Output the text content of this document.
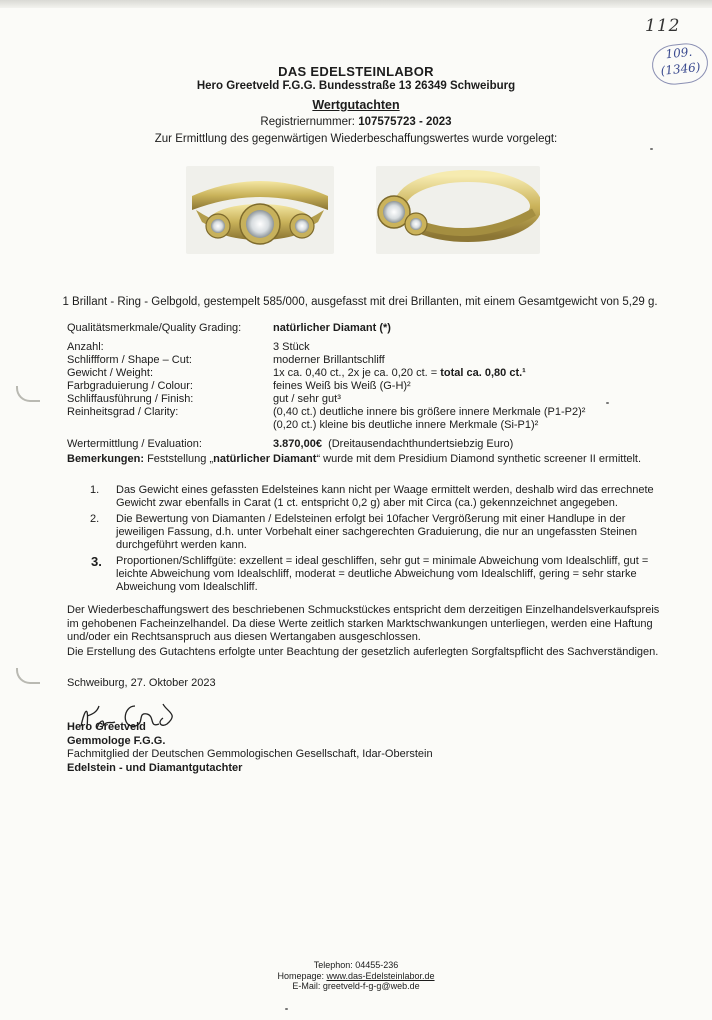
112
109.
(1346)
DAS EDELSTEINLABOR
Hero Greetveld F.G.G. Bundesstraße 13 26349 Schweiburg
Wertgutachten
Registriernummer: 107575723 - 2023
Zur Ermittlung des gegenwärtigen Wiederbeschaffungswertes wurde vorgelegt:
1 Brillant - Ring - Gelbgold, gestempelt 585/000, ausgefasst mit drei Brillanten, mit einem Gesamtgewicht von 5,29 g.
Qualitätsmerkmale/Quality Grading:	natürlicher Diamant (*)
Anzahl:	3 Stück
Schliffform / Shape – Cut:	moderner Brillantschliff
Gewicht / Weight:	1x ca. 0,40 ct., 2x je ca. 0,20 ct. = total ca. 0,80 ct.¹
Farbgraduierung / Colour:	feines Weiß bis Weiß (G-H)²
Schliffausführung / Finish:	gut / sehr gut³
Reinheitsgrad / Clarity:	(0,40 ct.) deutliche innere bis größere innere Merkmale (P1-P2)²
(0,20 ct.) kleine bis deutliche innere Merkmale (Si-P1)²
Wertermittlung / Evaluation:	3.870,00€ (Dreitausendachthundertsiebzig Euro)
Bemerkungen: Feststellung „natürlicher Diamant“ wurde mit dem Presidium Diamond synthetic screener II ermittelt.
1. Das Gewicht eines gefassten Edelsteines kann nicht per Waage ermittelt werden, deshalb wird das errechnete Gewicht zwar ebenfalls in Carat (1 ct. entspricht 0,2 g) aber mit Circa (ca.) gekennzeichnet angegeben.
2. Die Bewertung von Diamanten / Edelsteinen erfolgt bei 10facher Vergrößerung mit einer Handlupe in der jeweiligen Fassung, d.h. unter Vorbehalt einer sachgerechten Graduierung, die nur an ungefassten Steinen durchgeführt werden kann.
3. Proportionen/Schliffgüte: exzellent = ideal geschliffen, sehr gut = minimale Abweichung vom Idealschliff, gut = leichte Abweichung vom Idealschliff, moderat = deutliche Abweichung vom Idealschliff, gering = sehr starke Abweichung vom Idealschliff.
Der Wiederbeschaffungswert des beschriebenen Schmuckstückes entspricht dem derzeitigen Einzelhandelsverkaufspreis im gehobenen Facheinzelhandel. Da diese Werte zeitlich starken Marktschwankungen unterliegen, werden eine Haftung und/oder ein Rechtsanspruch aus diesen Wertangaben ausgeschlossen.
Die Erstellung des Gutachtens erfolgte unter Beachtung der gesetzlich auferlegten Sorgfaltspflicht des Sachverständigen.
Schweiburg, 27. Oktober 2023
Hero Greetveld
Gemmologe F.G.G.
Fachmitglied der Deutschen Gemmologischen Gesellschaft, Idar-Oberstein
Edelstein - und Diamantgutachter
Telephon: 04455-236
Homepage: www.das-Edelsteinlabor.de
E-Mail: greetveld-f-g-g@web.de
